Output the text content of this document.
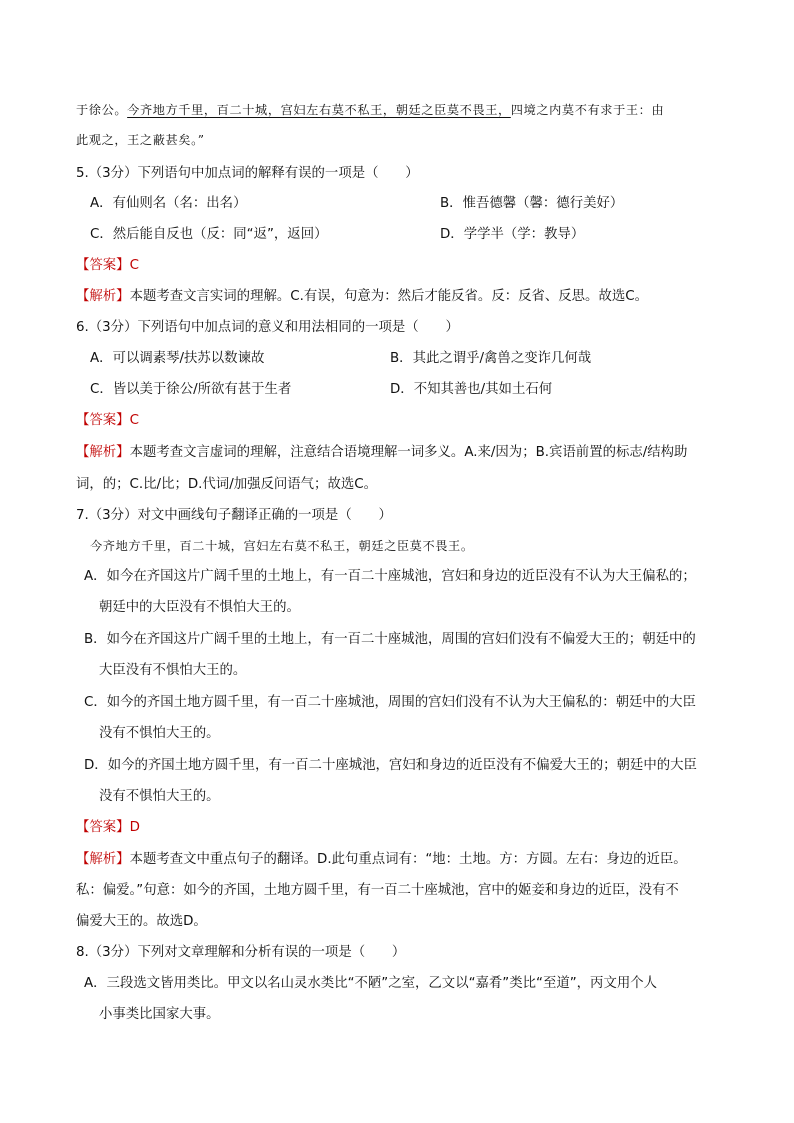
于徐公。今齐地方千里，百二十城，宫妇左右莫不私王，朝廷之臣莫不畏王，四境之内莫不有求于王：由
此观之，王之蔽甚矣。”
5.（3分）下列语句中加点词的解释有误的一项是（　　）
A．有仙则名（名：出名）	B．惟吾德馨（馨：德行美好）
C．然后能自反也（反：同“返”，返回）	D．学学半（学：教导）
【答案】C
【解析】本题考查文言实词的理解。C.有误，句意为：然后才能反省。反：反省、反思。故选C。
6.（3分）下列语句中加点词的意义和用法相同的一项是（　　）
A．可以调素琴/扶苏以数谏故	B．其此之谓乎/禽兽之变诈几何哉
C．皆以美于徐公/所欲有甚于生者	D．不知其善也/其如土石何
【答案】C
【解析】本题考查文言虚词的理解，注意结合语境理解一词多义。A.来/因为；B.宾语前置的标志/结构助
词，的；C.比/比；D.代词/加强反问语气；故选C。
7.（3分）对文中画线句子翻译正确的一项是（　　）
今齐地方千里，百二十城，宫妇左右莫不私王，朝廷之臣莫不畏王。
A．如今在齐国这片广阔千里的土地上，有一百二十座城池，宫妇和身边的近臣没有不认为大王偏私的；
朝廷中的大臣没有不惧怕大王的。
B．如今在齐国这片广阔千里的土地上，有一百二十座城池，周围的宫妇们没有不偏爱大王的；朝廷中的
大臣没有不惧怕大王的。
C．如今的齐国土地方圆千里，有一百二十座城池，周围的宫妇们没有不认为大王偏私的：朝廷中的大臣
没有不惧怕大王的。
D．如今的齐国土地方圆千里，有一百二十座城池，宫妇和身边的近臣没有不偏爱大王的；朝廷中的大臣
没有不惧怕大王的。
【答案】D
【解析】本题考查文中重点句子的翻译。D.此句重点词有：“地：土地。方：方圆。左右：身边的近臣。
私：偏爱。”句意：如今的齐国，土地方圆千里，有一百二十座城池，宫中的姬妾和身边的近臣，没有不
偏爱大王的。故选D。
8.（3分）下列对文章理解和分析有误的一项是（　　）
A．三段选文皆用类比。甲文以名山灵水类比“不陋”之室，乙文以“嘉肴”类比“至道”，丙文用个人
小事类比国家大事。
